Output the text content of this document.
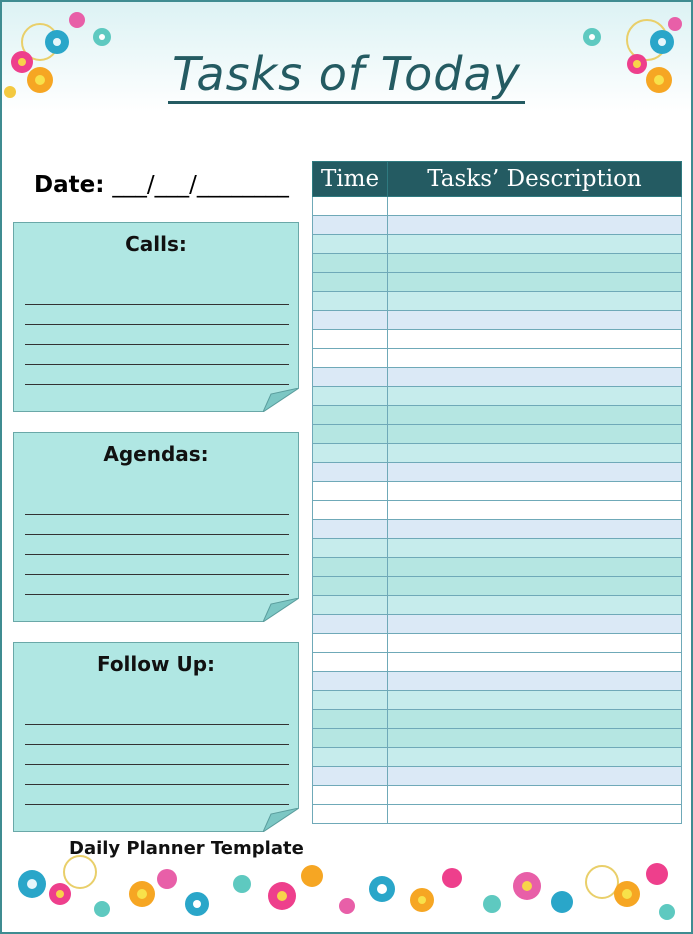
Tasks of Today
Date: ___/___/________
Calls:
Agendas:
Follow Up:
Daily Planner Template
Time	Tasks’ Description
